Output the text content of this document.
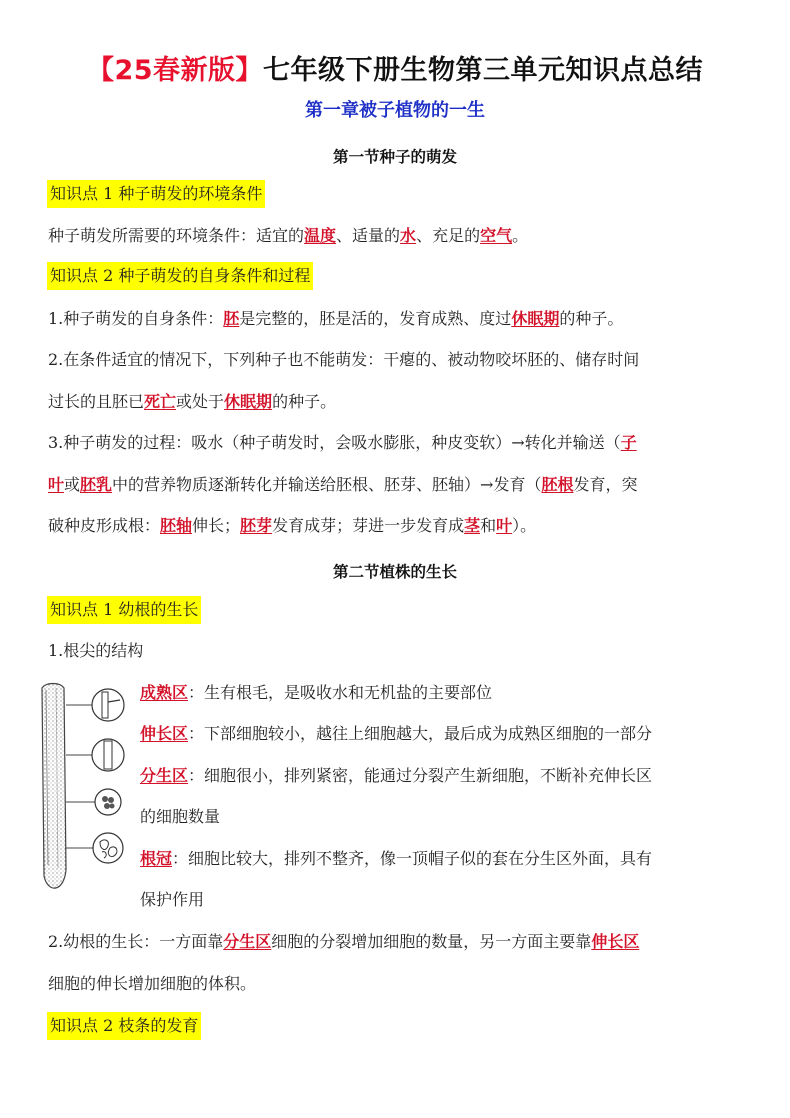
【25春新版】七年级下册生物第三单元知识点总结
第一章被子植物的一生
第一节种子的萌发
知识点 1 种子萌发的环境条件
种子萌发所需要的环境条件：适宜的温度、适量的水、充足的空气。
知识点 2 种子萌发的自身条件和过程
1.种子萌发的自身条件：胚是完整的，胚是活的，发育成熟、度过休眠期的种子。
2.在条件适宜的情况下，下列种子也不能萌发：干瘪的、被动物咬坏胚的、储存时间
过长的且胚已死亡或处于休眠期的种子。
3.种子萌发的过程：吸水（种子萌发时，会吸水膨胀，种皮变软）→转化并输送（子
叶或胚乳中的营养物质逐渐转化并输送给胚根、胚芽、胚轴）→发育（胚根发育，突
破种皮形成根：胚轴伸长；胚芽发育成芽；芽进一步发育成茎和叶）。
第二节植株的生长
知识点 1 幼根的生长
1.根尖的结构
成熟区：生有根毛，是吸收水和无机盐的主要部位
伸长区：下部细胞较小，越往上细胞越大，最后成为成熟区细胞的一部分
分生区：细胞很小，排列紧密，能通过分裂产生新细胞，不断补充伸长区
的细胞数量
根冠：细胞比较大，排列不整齐，像一顶帽子似的套在分生区外面，具有
保护作用
2.幼根的生长：一方面靠分生区细胞的分裂增加细胞的数量，另一方面主要靠伸长区
细胞的伸长增加细胞的体积。
知识点 2 枝条的发育
